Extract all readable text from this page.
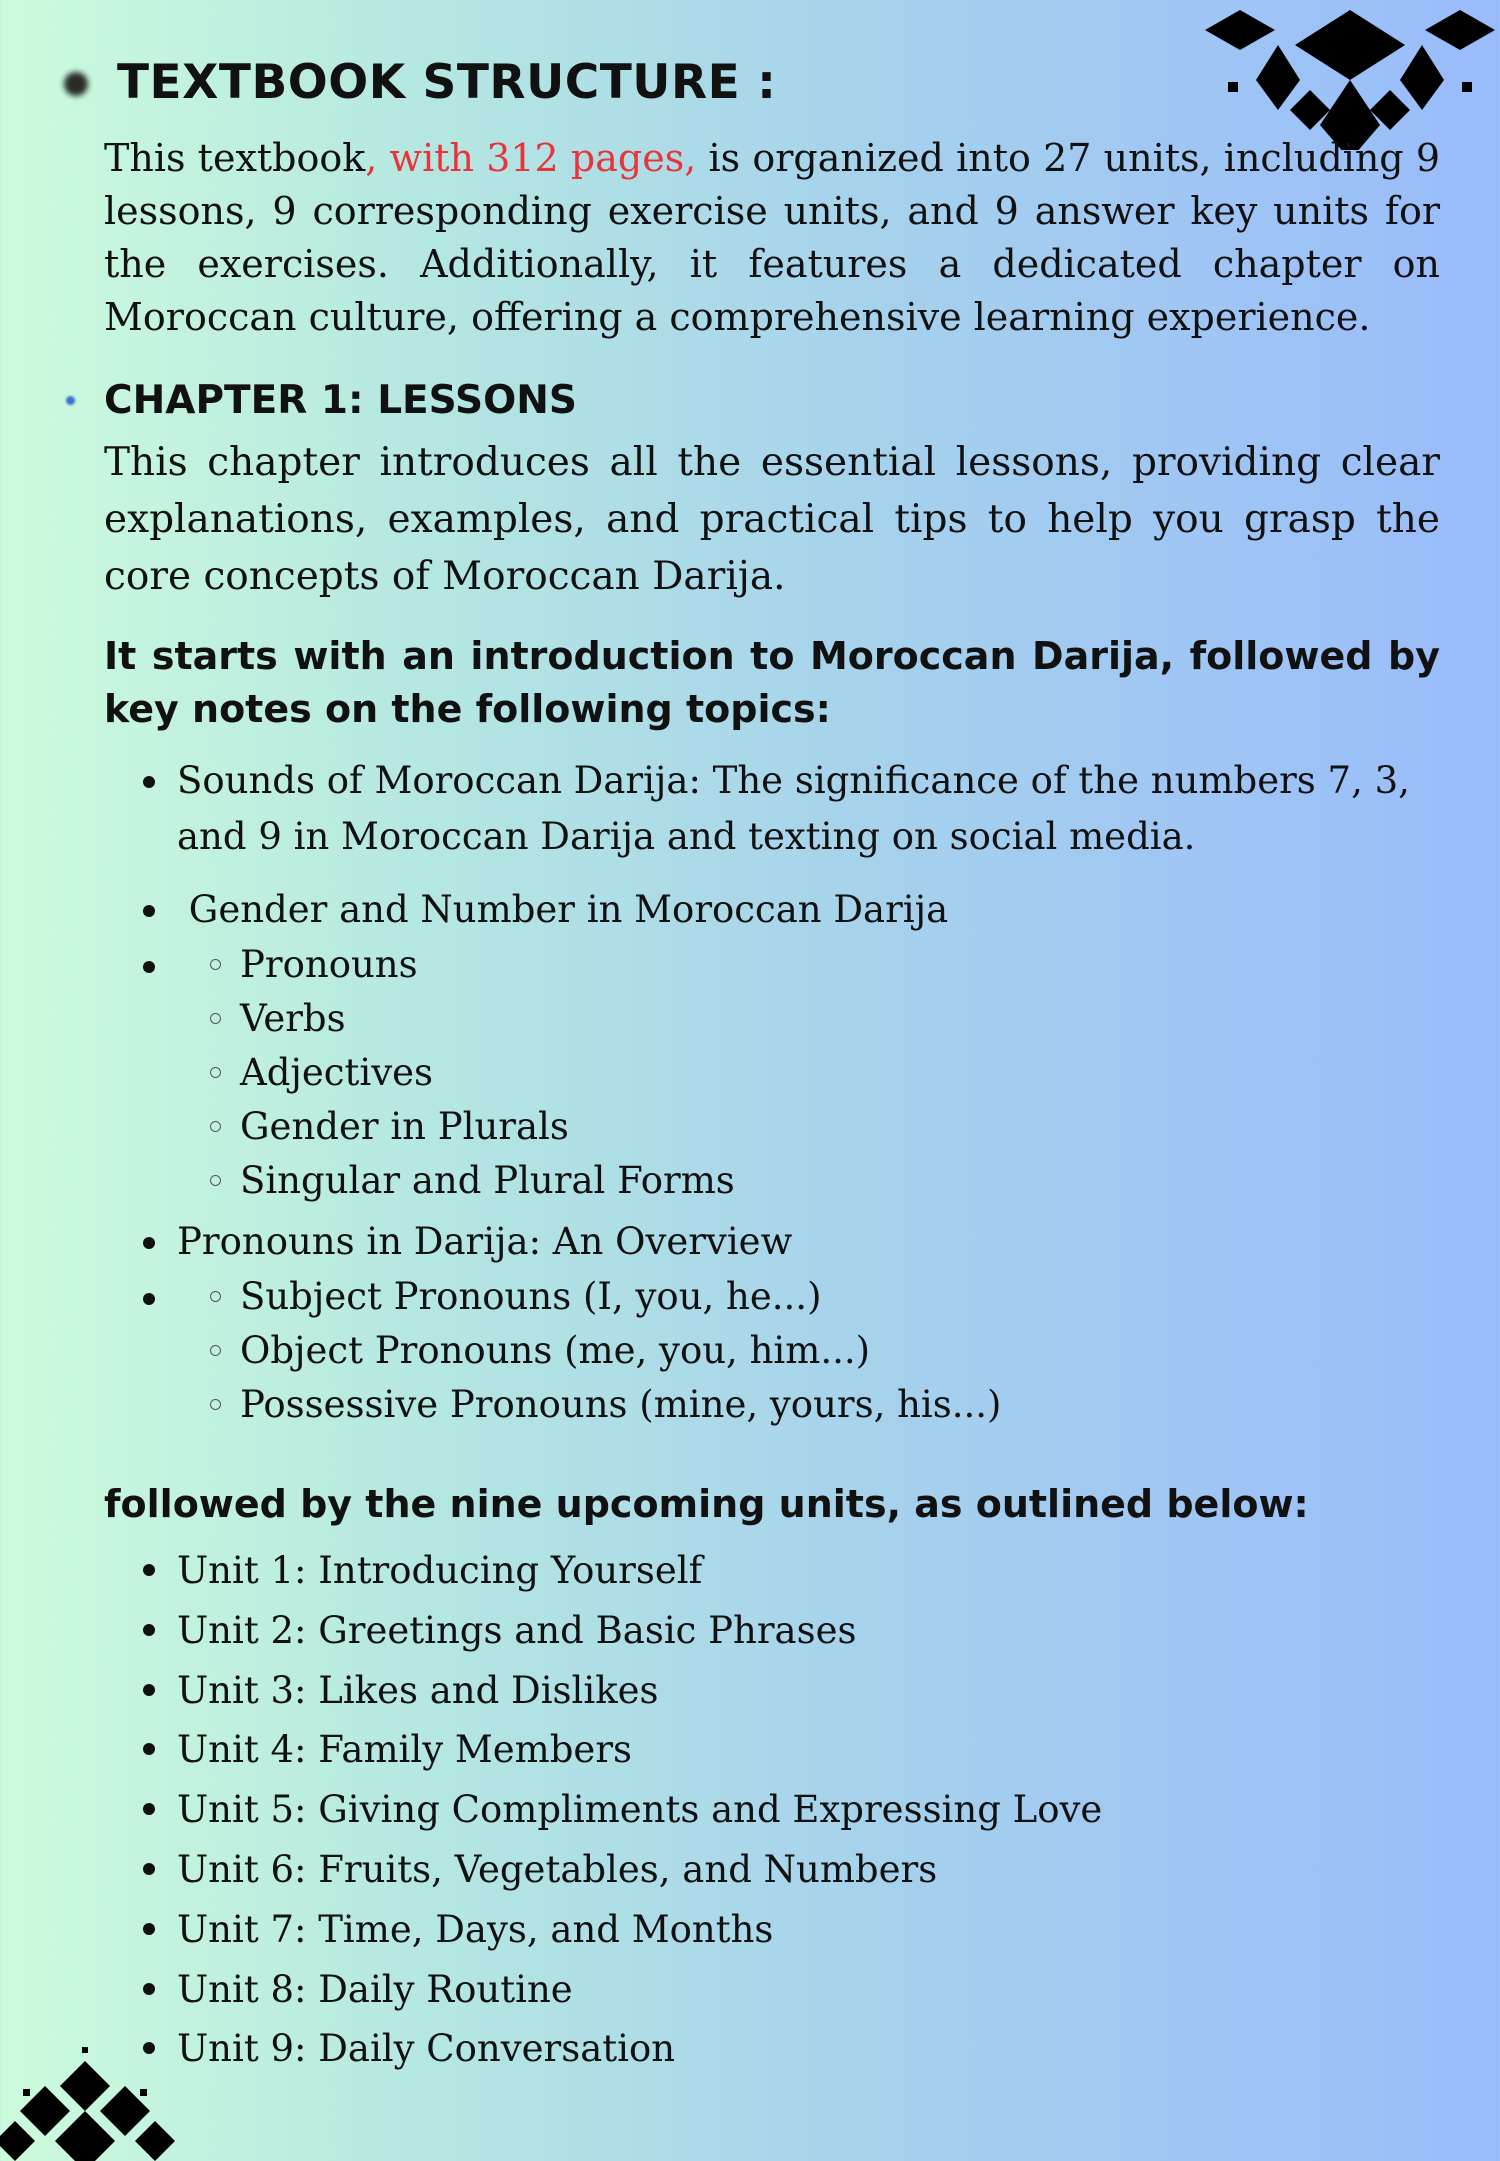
TEXTBOOK STRUCTURE :

This textbook, with 312 pages, is organized into 27 units, including 9 lessons, 9 corresponding exercise units, and 9 answer key units for the exercises. Additionally, it features a dedicated chapter on Moroccan culture, offering a comprehensive learning experience.

CHAPTER 1: LESSONS

This chapter introduces all the essential lessons, providing clear explanations, examples, and practical tips to help you grasp the core concepts of Moroccan Darija.

It starts with an introduction to Moroccan Darija, followed by key notes on the following topics:

Sounds of Moroccan Darija: The significance of the numbers 7, 3, and 9 in Moroccan Darija and texting on social media.
Gender and Number in Moroccan Darija
Pronouns
Verbs
Adjectives
Gender in Plurals
Singular and Plural Forms
Pronouns in Darija: An Overview
Subject Pronouns (I, you, he...)
Object Pronouns (me, you, him...)
Possessive Pronouns (mine, yours, his...)

followed by the nine upcoming units, as outlined below:

Unit 1: Introducing Yourself
Unit 2: Greetings and Basic Phrases
Unit 3: Likes and Dislikes
Unit 4: Family Members
Unit 5: Giving Compliments and Expressing Love
Unit 6: Fruits, Vegetables, and Numbers
Unit 7: Time, Days, and Months
Unit 8: Daily Routine
Unit 9: Daily Conversation
